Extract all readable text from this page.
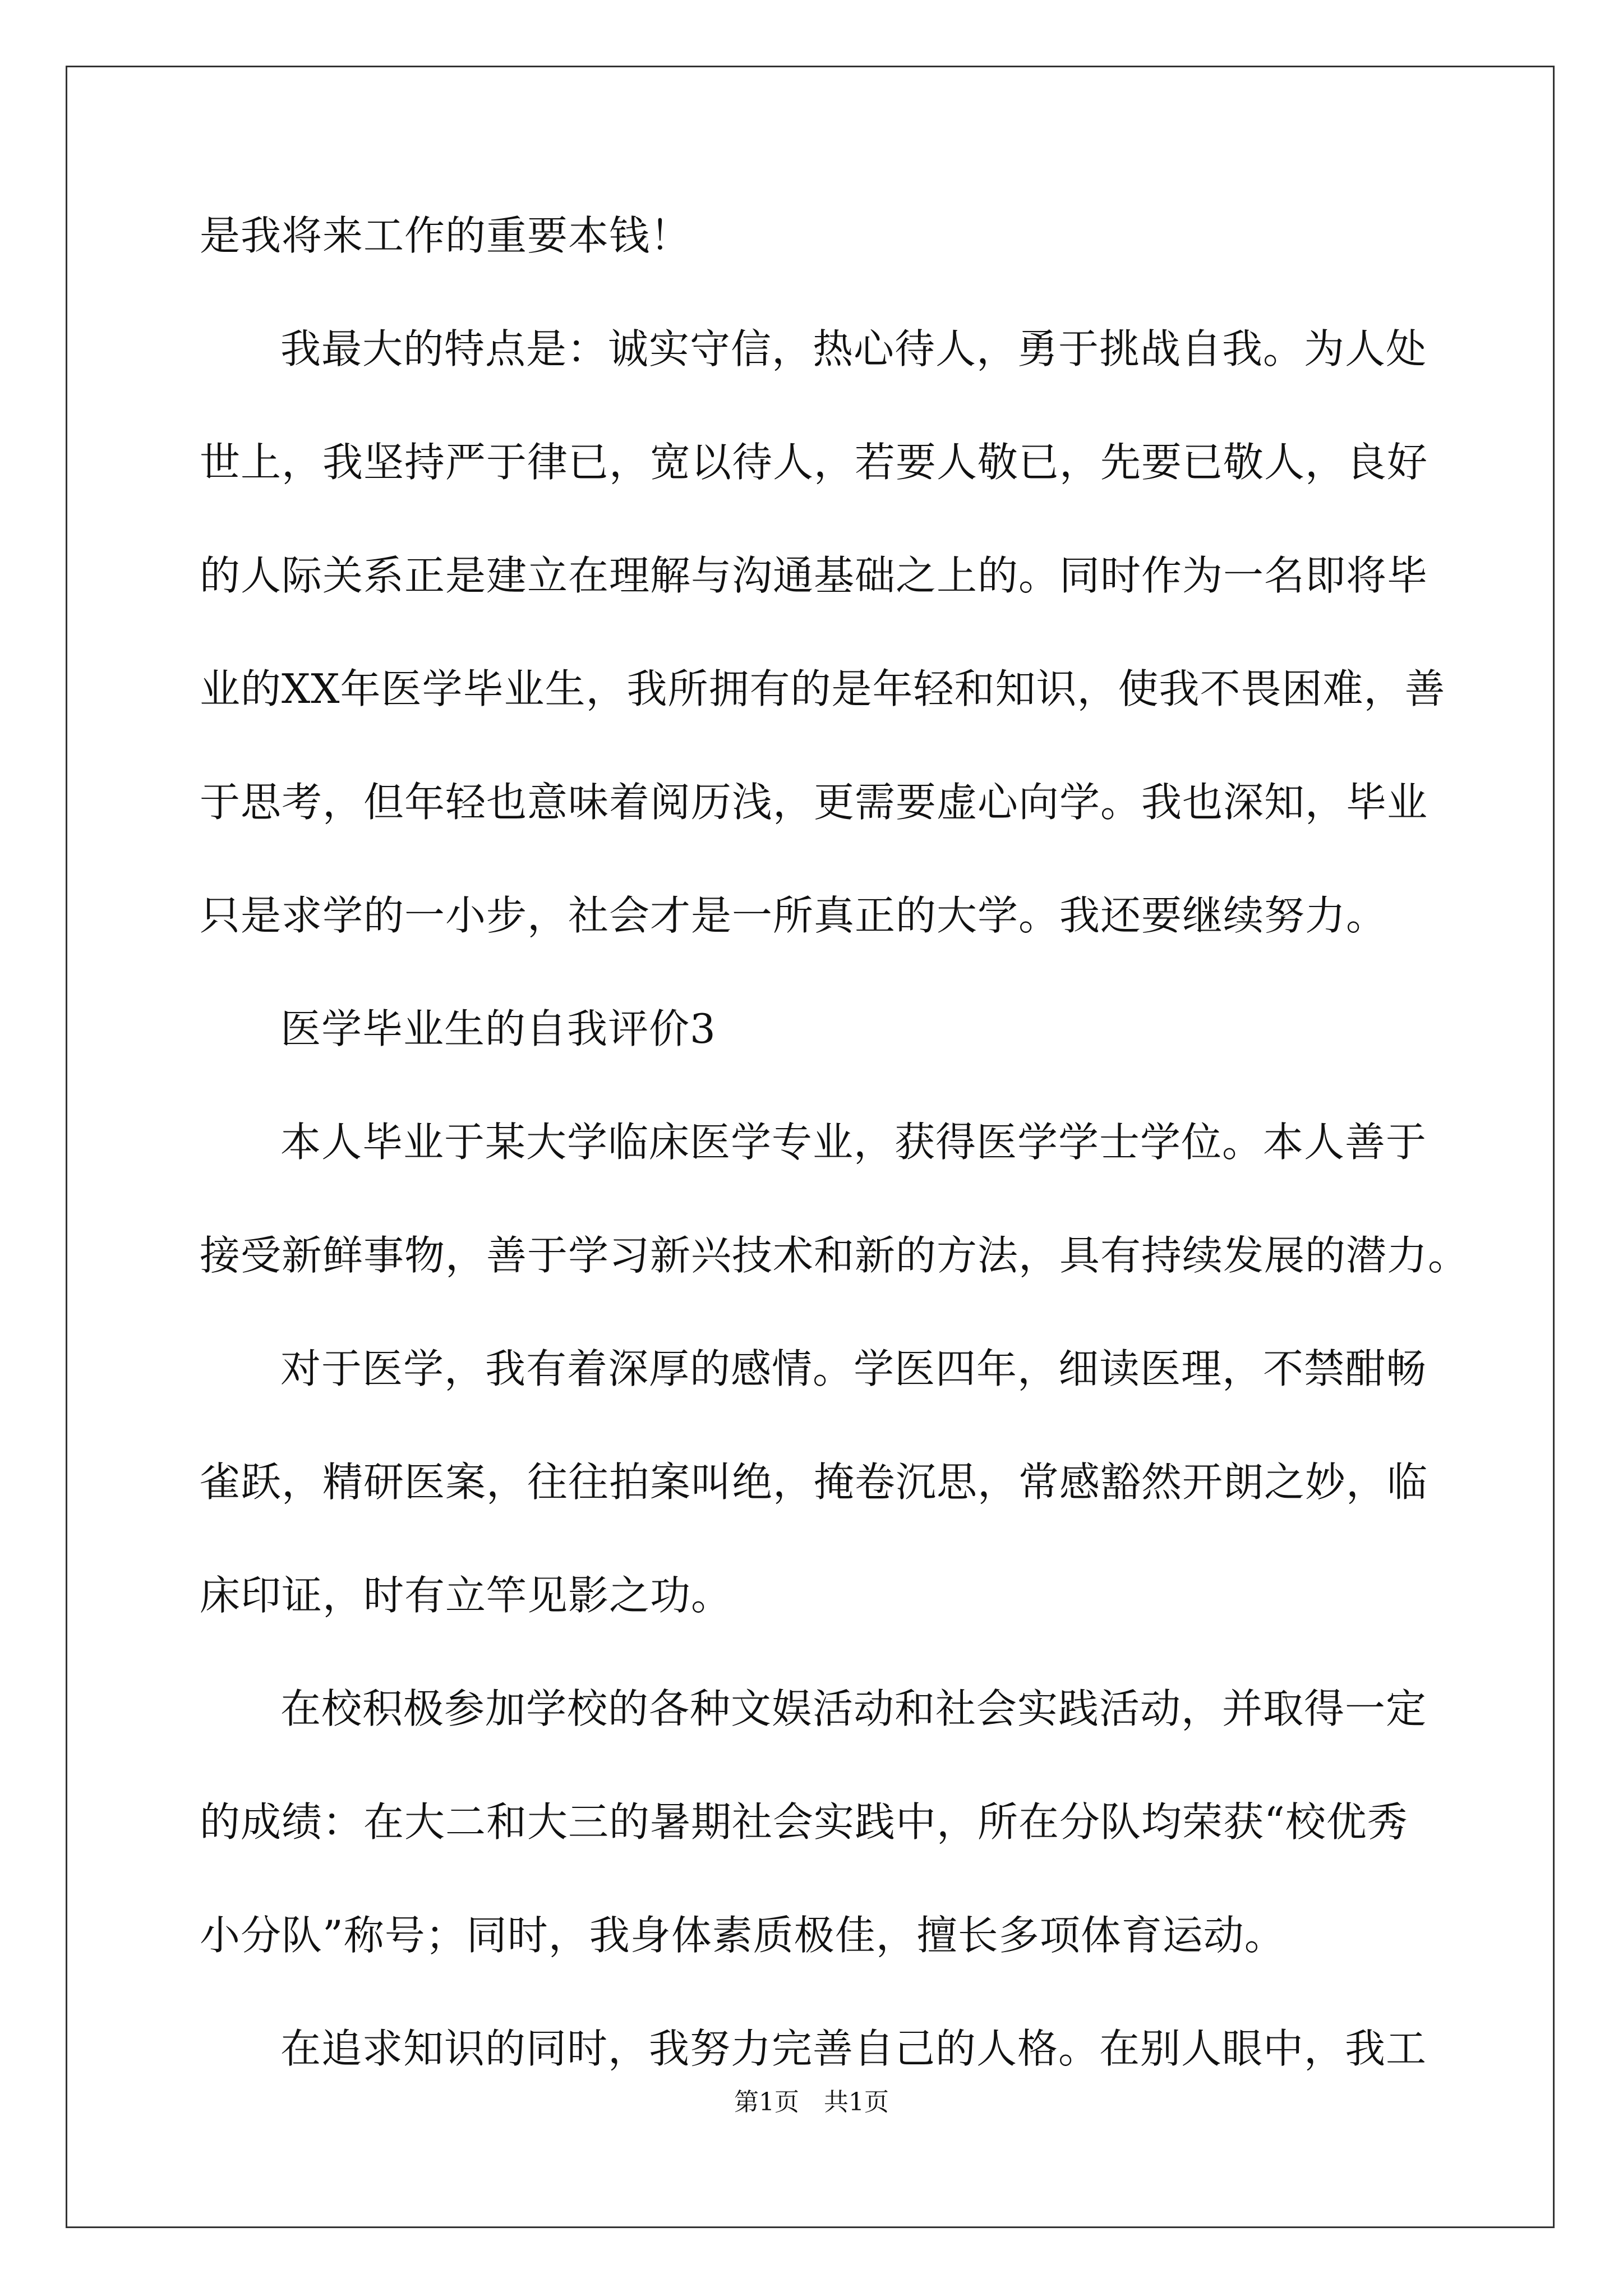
是我将来工作的重要本钱！
我最大的特点是：诚实守信，热心待人，勇于挑战自我。为人处
世上，我坚持严于律已，宽以待人，若要人敬已，先要已敬人，良好
的人际关系正是建立在理解与沟通基础之上的。同时作为一名即将毕
业的XX年医学毕业生，我所拥有的是年轻和知识，使我不畏困难，善
于思考，但年轻也意味着阅历浅，更需要虚心向学。我也深知，毕业
只是求学的一小步，社会才是一所真正的大学。我还要继续努力。
医学毕业生的自我评价3
本人毕业于某大学临床医学专业，获得医学学士学位。本人善于
接受新鲜事物，善于学习新兴技术和新的方法，具有持续发展的潜力。
对于医学，我有着深厚的感情。学医四年，细读医理，不禁酣畅
雀跃，精研医案，往往拍案叫绝，掩卷沉思，常感豁然开朗之妙，临
床印证，时有立竿见影之功。
在校积极参加学校的各种文娱活动和社会实践活动，并取得一定
的成绩：在大二和大三的暑期社会实践中，所在分队均荣获“校优秀
小分队”称号；同时，我身体素质极佳，擅长多项体育运动。
在追求知识的同时，我努力完善自己的人格。在别人眼中，我工
第1页　共1页
